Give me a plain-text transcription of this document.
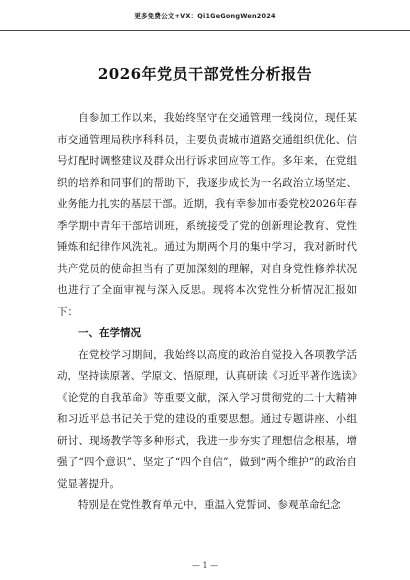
更多免费公文+VX：Qi1GeGongWen2024
2026年党员干部党性分析报告

自参加工作以来，我始终坚守在交通管理一线岗位，现任某市交通管理局秩序科科员，主要负责城市道路交通组织优化、信号灯配时调整建议及群众出行诉求回应等工作。多年来，在党组织的培养和同事们的帮助下，我逐步成长为一名政治立场坚定、业务能力扎实的基层干部。近期，我有幸参加市委党校2026年春季学期中青年干部培训班，系统接受了党的创新理论教育、党性锤炼和纪律作风洗礼。通过为期两个月的集中学习，我对新时代共产党员的使命担当有了更加深刻的理解，对自身党性修养状况也进行了全面审视与深入反思。现将本次党性分析情况汇报如下：

一、在学情况

在党校学习期间，我始终以高度的政治自觉投入各项教学活动，坚持读原著、学原文、悟原理，认真研读《习近平著作选读》《论党的自我革命》等重要文献，深入学习贯彻党的二十大精神和习近平总书记关于党的建设的重要思想。通过专题讲座、小组研讨、现场教学等多种形式，我进一步夯实了理想信念根基，增强了“四个意识”、坚定了“四个自信”，做到“两个维护”的政治自觉显著提升。

特别是在党性教育单元中，重温入党誓词、参观革命纪念

— 1 —
